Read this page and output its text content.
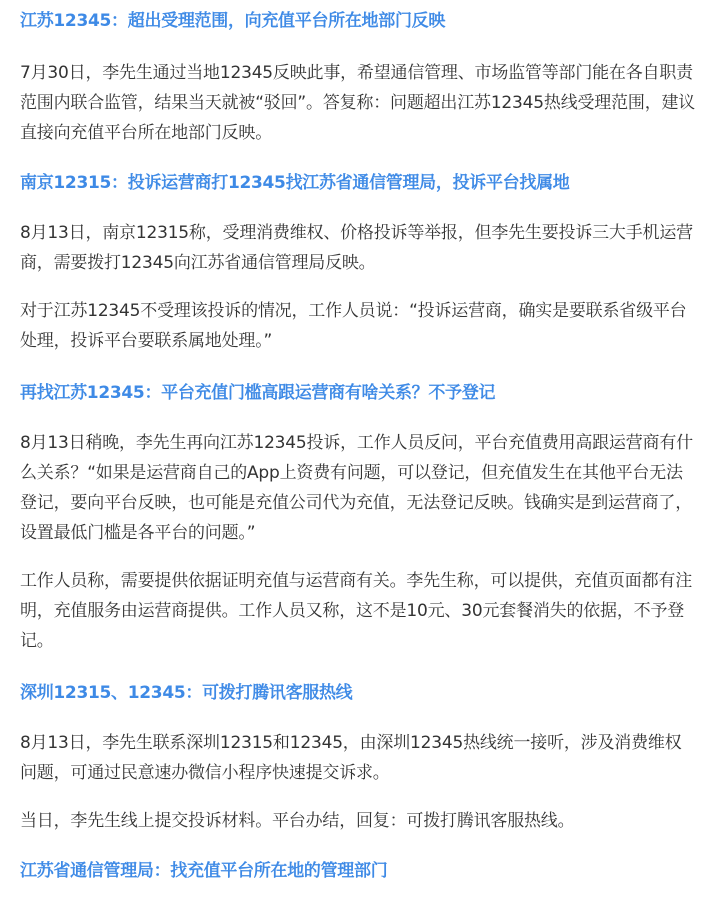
江苏12345：超出受理范围，向充值平台所在地部门反映

7月30日，李先生通过当地12345反映此事，希望通信管理、市场监管等部门能在各自职责范围内联合监管，结果当天就被“驳回”。答复称：问题超出江苏12345热线受理范围，建议直接向充值平台所在地部门反映。

南京12315：投诉运营商打12345找江苏省通信管理局，投诉平台找属地

8月13日，南京12315称，受理消费维权、价格投诉等举报，但李先生要投诉三大手机运营商，需要拨打12345向江苏省通信管理局反映。

对于江苏12345不受理该投诉的情况，工作人员说：“投诉运营商，确实是要联系省级平台处理，投诉平台要联系属地处理。”

再找江苏12345：平台充值门槛高跟运营商有啥关系？不予登记

8月13日稍晚，李先生再向江苏12345投诉，工作人员反问，平台充值费用高跟运营商有什么关系？“如果是运营商自己的App上资费有问题，可以登记，但充值发生在其他平台无法登记，要向平台反映，也可能是充值公司代为充值，无法登记反映。钱确实是到运营商了，设置最低门槛是各平台的问题。”

工作人员称，需要提供依据证明充值与运营商有关。李先生称，可以提供，充值页面都有注明，充值服务由运营商提供。工作人员又称，这不是10元、30元套餐消失的依据，不予登记。

深圳12315、12345：可拨打腾讯客服热线

8月13日，李先生联系深圳12315和12345，由深圳12345热线统一接听，涉及消费维权问题，可通过民意速办微信小程序快速提交诉求。

当日，李先生线上提交投诉材料。平台办结，回复：可拨打腾讯客服热线。

江苏省通信管理局：找充值平台所在地的管理部门
